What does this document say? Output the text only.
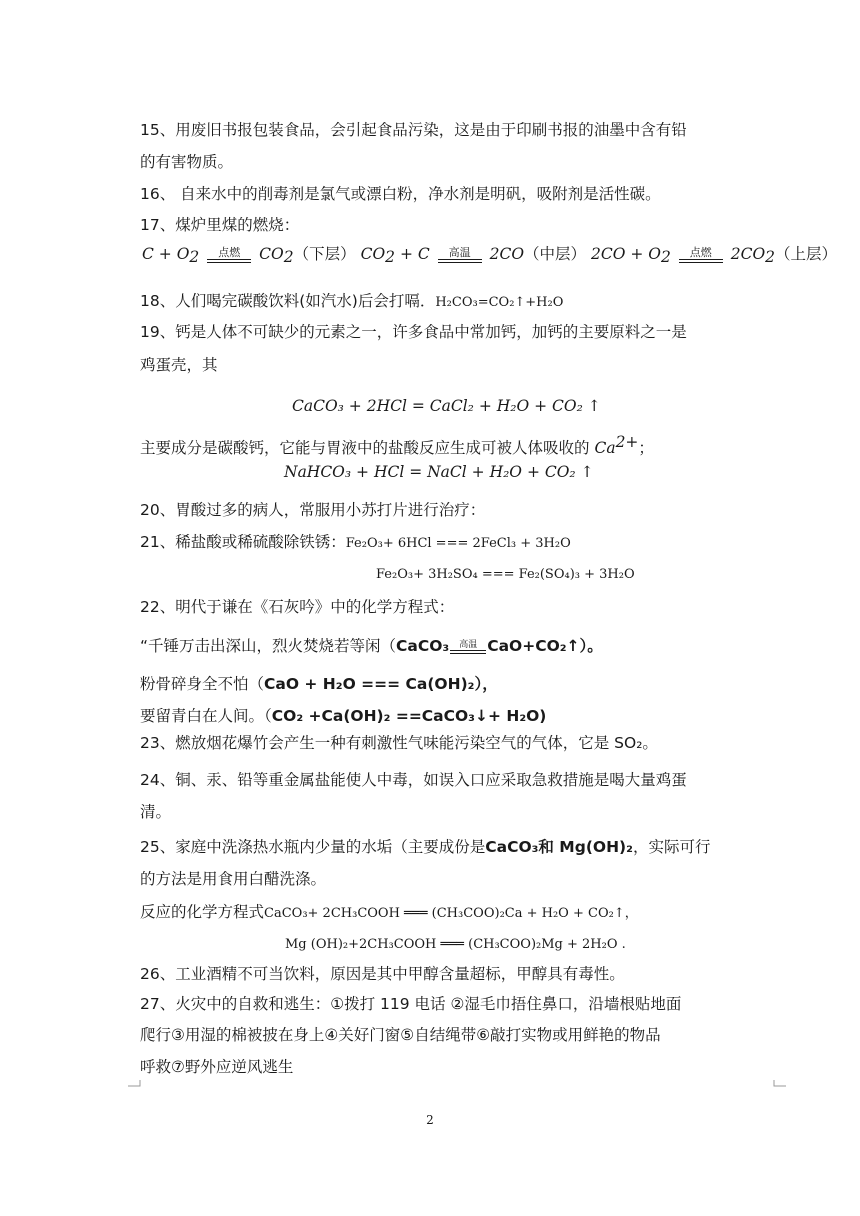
15、用废旧书报包装食品，会引起食品污染，这是由于印刷书报的油墨中含有铅
的有害物质。
16、 自来水中的削毒剂是氯气或漂白粉，净水剂是明矾，吸附剂是活性碳。
17、煤炉里煤的燃烧：
C + O2	点燃	CO2（下层） CO2 + C	高温	2CO（中层） 2CO + O2	点燃	2CO2（上层）
18、人们喝完碳酸饮料(如汽水)后会打嗝．H₂CO₃=CO₂↑+H₂O
19、钙是人体不可缺少的元素之一，许多食品中常加钙，加钙的主要原料之一是
鸡蛋壳，其
CaCO₃ + 2HCl = CaCl₂ + H₂O + CO₂ ↑
主要成分是碳酸钙，它能与胃液中的盐酸反应生成可被人体吸收的 Ca2+；
NaHCO₃ + HCl = NaCl + H₂O + CO₂ ↑
20、胃酸过多的病人，常服用小苏打片进行治疗：
21、稀盐酸或稀硫酸除铁锈：Fe₂O₃+ 6HCl === 2FeCl₃ + 3H₂O
Fe₂O₃+ 3H₂SO₄ === Fe₂(SO₄)₃ + 3H₂O
22、明代于谦在《石灰吟》中的化学方程式：
“千锤万击出深山，烈火焚烧若等闲（CaCO₃	高温 CaO+CO₂↑）。
粉骨碎身全不怕（CaO + H₂O === Ca(OH)₂），
要留青白在人间。（CO₂ +Ca(OH)₂ ==CaCO₃↓+ H₂O)
23、燃放烟花爆竹会产生一种有刺激性气味能污染空气的气体，它是 SO₂。
24、铜、汞、铅等重金属盐能使人中毒，如误入口应采取急救措施是喝大量鸡蛋
清。
25、家庭中洗涤热水瓶内少量的水垢（主要成份是CaCO₃和 Mg(OH)₂，实际可行
的方法是用食用白醋洗涤。
反应的化学方程式CaCO₃+ 2CH₃COOH ═══ (CH₃COO)₂Ca + H₂O + CO₂↑，
Mg (OH)₂+2CH₃COOH ═══ (CH₃COO)₂Mg + 2H₂O .
26、工业酒精不可当饮料，原因是其中甲醇含量超标，甲醇具有毒性。
27、火灾中的自救和逃生：①拨打 119 电话 ②湿毛巾捂住鼻口，沿墙根贴地面
爬行③用湿的棉被披在身上④关好门窗⑤自结绳带⑥敲打实物或用鲜艳的物品
呼救⑦野外应逆风逃生
2
